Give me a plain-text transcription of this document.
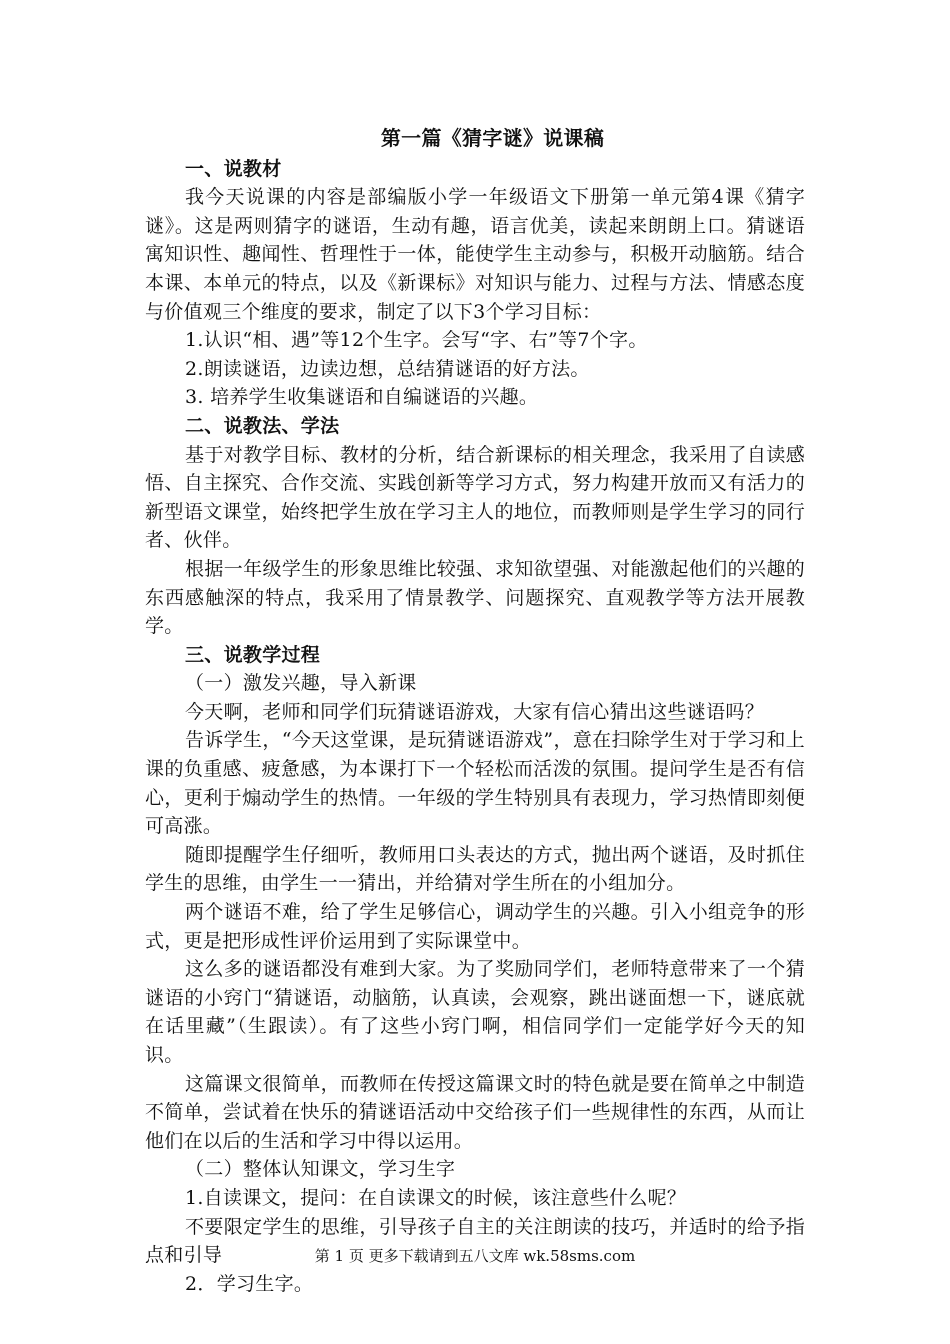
第一篇《猜字谜》说课稿

一、说教材

我今天说课的内容是部编版小学一年级语文下册第一单元第4课《猜字谜》。这是两则猜字的谜语，生动有趣，语言优美，读起来朗朗上口。猜谜语寓知识性、趣闻性、哲理性于一体，能使学生主动参与，积极开动脑筋。结合本课、本单元的特点，以及《新课标》对知识与能力、过程与方法、情感态度与价值观三个维度的要求，制定了以下3个学习目标：

1.认识“相、遇”等12个生字。会写“字、右”等7个字。

2.朗读谜语，边读边想，总结猜谜语的好方法。

3. 培养学生收集谜语和自编谜语的兴趣。

二、说教法、学法

基于对教学目标、教材的分析，结合新课标的相关理念，我采用了自读感悟、自主探究、合作交流、实践创新等学习方式，努力构建开放而又有活力的新型语文课堂，始终把学生放在学习主人的地位，而教师则是学生学习的同行者、伙伴。

根据一年级学生的形象思维比较强、求知欲望强、对能激起他们的兴趣的东西感触深的特点，我采用了情景教学、问题探究、直观教学等方法开展教学。

三、说教学过程

（一）激发兴趣，导入新课

今天啊，老师和同学们玩猜谜语游戏，大家有信心猜出这些谜语吗？

告诉学生，“今天这堂课，是玩猜谜语游戏”，意在扫除学生对于学习和上课的负重感、疲惫感，为本课打下一个轻松而活泼的氛围。提问学生是否有信心，更利于煽动学生的热情。一年级的学生特别具有表现力，学习热情即刻便可高涨。

随即提醒学生仔细听，教师用口头表达的方式，抛出两个谜语，及时抓住学生的思维，由学生一一猜出，并给猜对学生所在的小组加分。

两个谜语不难，给了学生足够信心，调动学生的兴趣。引入小组竞争的形式，更是把形成性评价运用到了实际课堂中。

这么多的谜语都没有难到大家。为了奖励同学们，老师特意带来了一个猜谜语的小窍门“猜谜语，动脑筋，认真读，会观察，跳出谜面想一下，谜底就在话里藏”（生跟读）。有了这些小窍门啊，相信同学们一定能学好今天的知识。

这篇课文很简单，而教师在传授这篇课文时的特色就是要在简单之中制造不简单，尝试着在快乐的猜谜语活动中交给孩子们一些规律性的东西，从而让他们在以后的生活和学习中得以运用。

（二）整体认知课文，学习生字

1.自读课文，提问：在自读课文的时候，该注意些什么呢？

不要限定学生的思维，引导孩子自主的关注朗读的技巧，并适时的给予指点和引导

2．学习生字。

第 1 页 更多下载请到五八文库 wk.58sms.com
